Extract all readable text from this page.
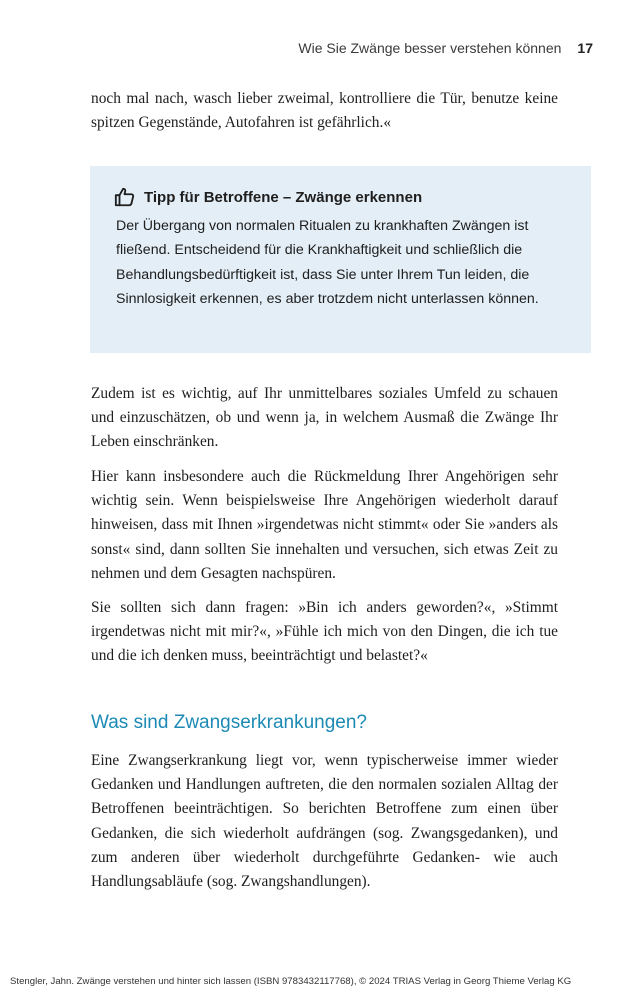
Wie Sie Zwänge besser verstehen können 17

noch mal nach, wasch lieber zweimal, kontrolliere die Tür, benutze keine spitzen Gegenstände, Autofahren ist gefährlich.«

Tipp für Betroffene – Zwänge erkennen

Der Übergang von normalen Ritualen zu krankhaften Zwängen ist fließend. Entscheidend für die Krankhaftigkeit und schließlich die Behandlungsbedürftigkeit ist, dass Sie unter Ihrem Tun leiden, die Sinnlosigkeit erkennen, es aber trotzdem nicht unterlassen können.

Zudem ist es wichtig, auf Ihr unmittelbares soziales Umfeld zu schauen und einzuschätzen, ob und wenn ja, in welchem Ausmaß die Zwänge Ihr Leben einschränken.

Hier kann insbesondere auch die Rückmeldung Ihrer Angehörigen sehr wichtig sein. Wenn beispielsweise Ihre Angehörigen wiederholt darauf hinweisen, dass mit Ihnen »irgendetwas nicht stimmt« oder Sie »anders als sonst« sind, dann sollten Sie innehalten und versuchen, sich etwas Zeit zu nehmen und dem Gesagten nachspüren.

Sie sollten sich dann fragen: »Bin ich anders geworden?«, »Stimmt irgendetwas nicht mit mir?«, »Fühle ich mich von den Dingen, die ich tue und die ich denken muss, beeinträchtigt und belastet?«

Was sind Zwangserkrankungen?

Eine Zwangserkrankung liegt vor, wenn typischerweise immer wieder Gedanken und Handlungen auftreten, die den normalen sozialen Alltag der Betroffenen beeinträchtigen. So berichten Betroffene zum einen über Gedanken, die sich wiederholt aufdrängen (sog. Zwangsgedanken), und zum anderen über wiederholt durchgeführte Gedanken- wie auch Handlungsabläufe (sog. Zwangshandlungen).

Stengler, Jahn. Zwänge verstehen und hinter sich lassen (ISBN 9783432117768), © 2024 TRIAS Verlag in Georg Thieme Verlag KG
